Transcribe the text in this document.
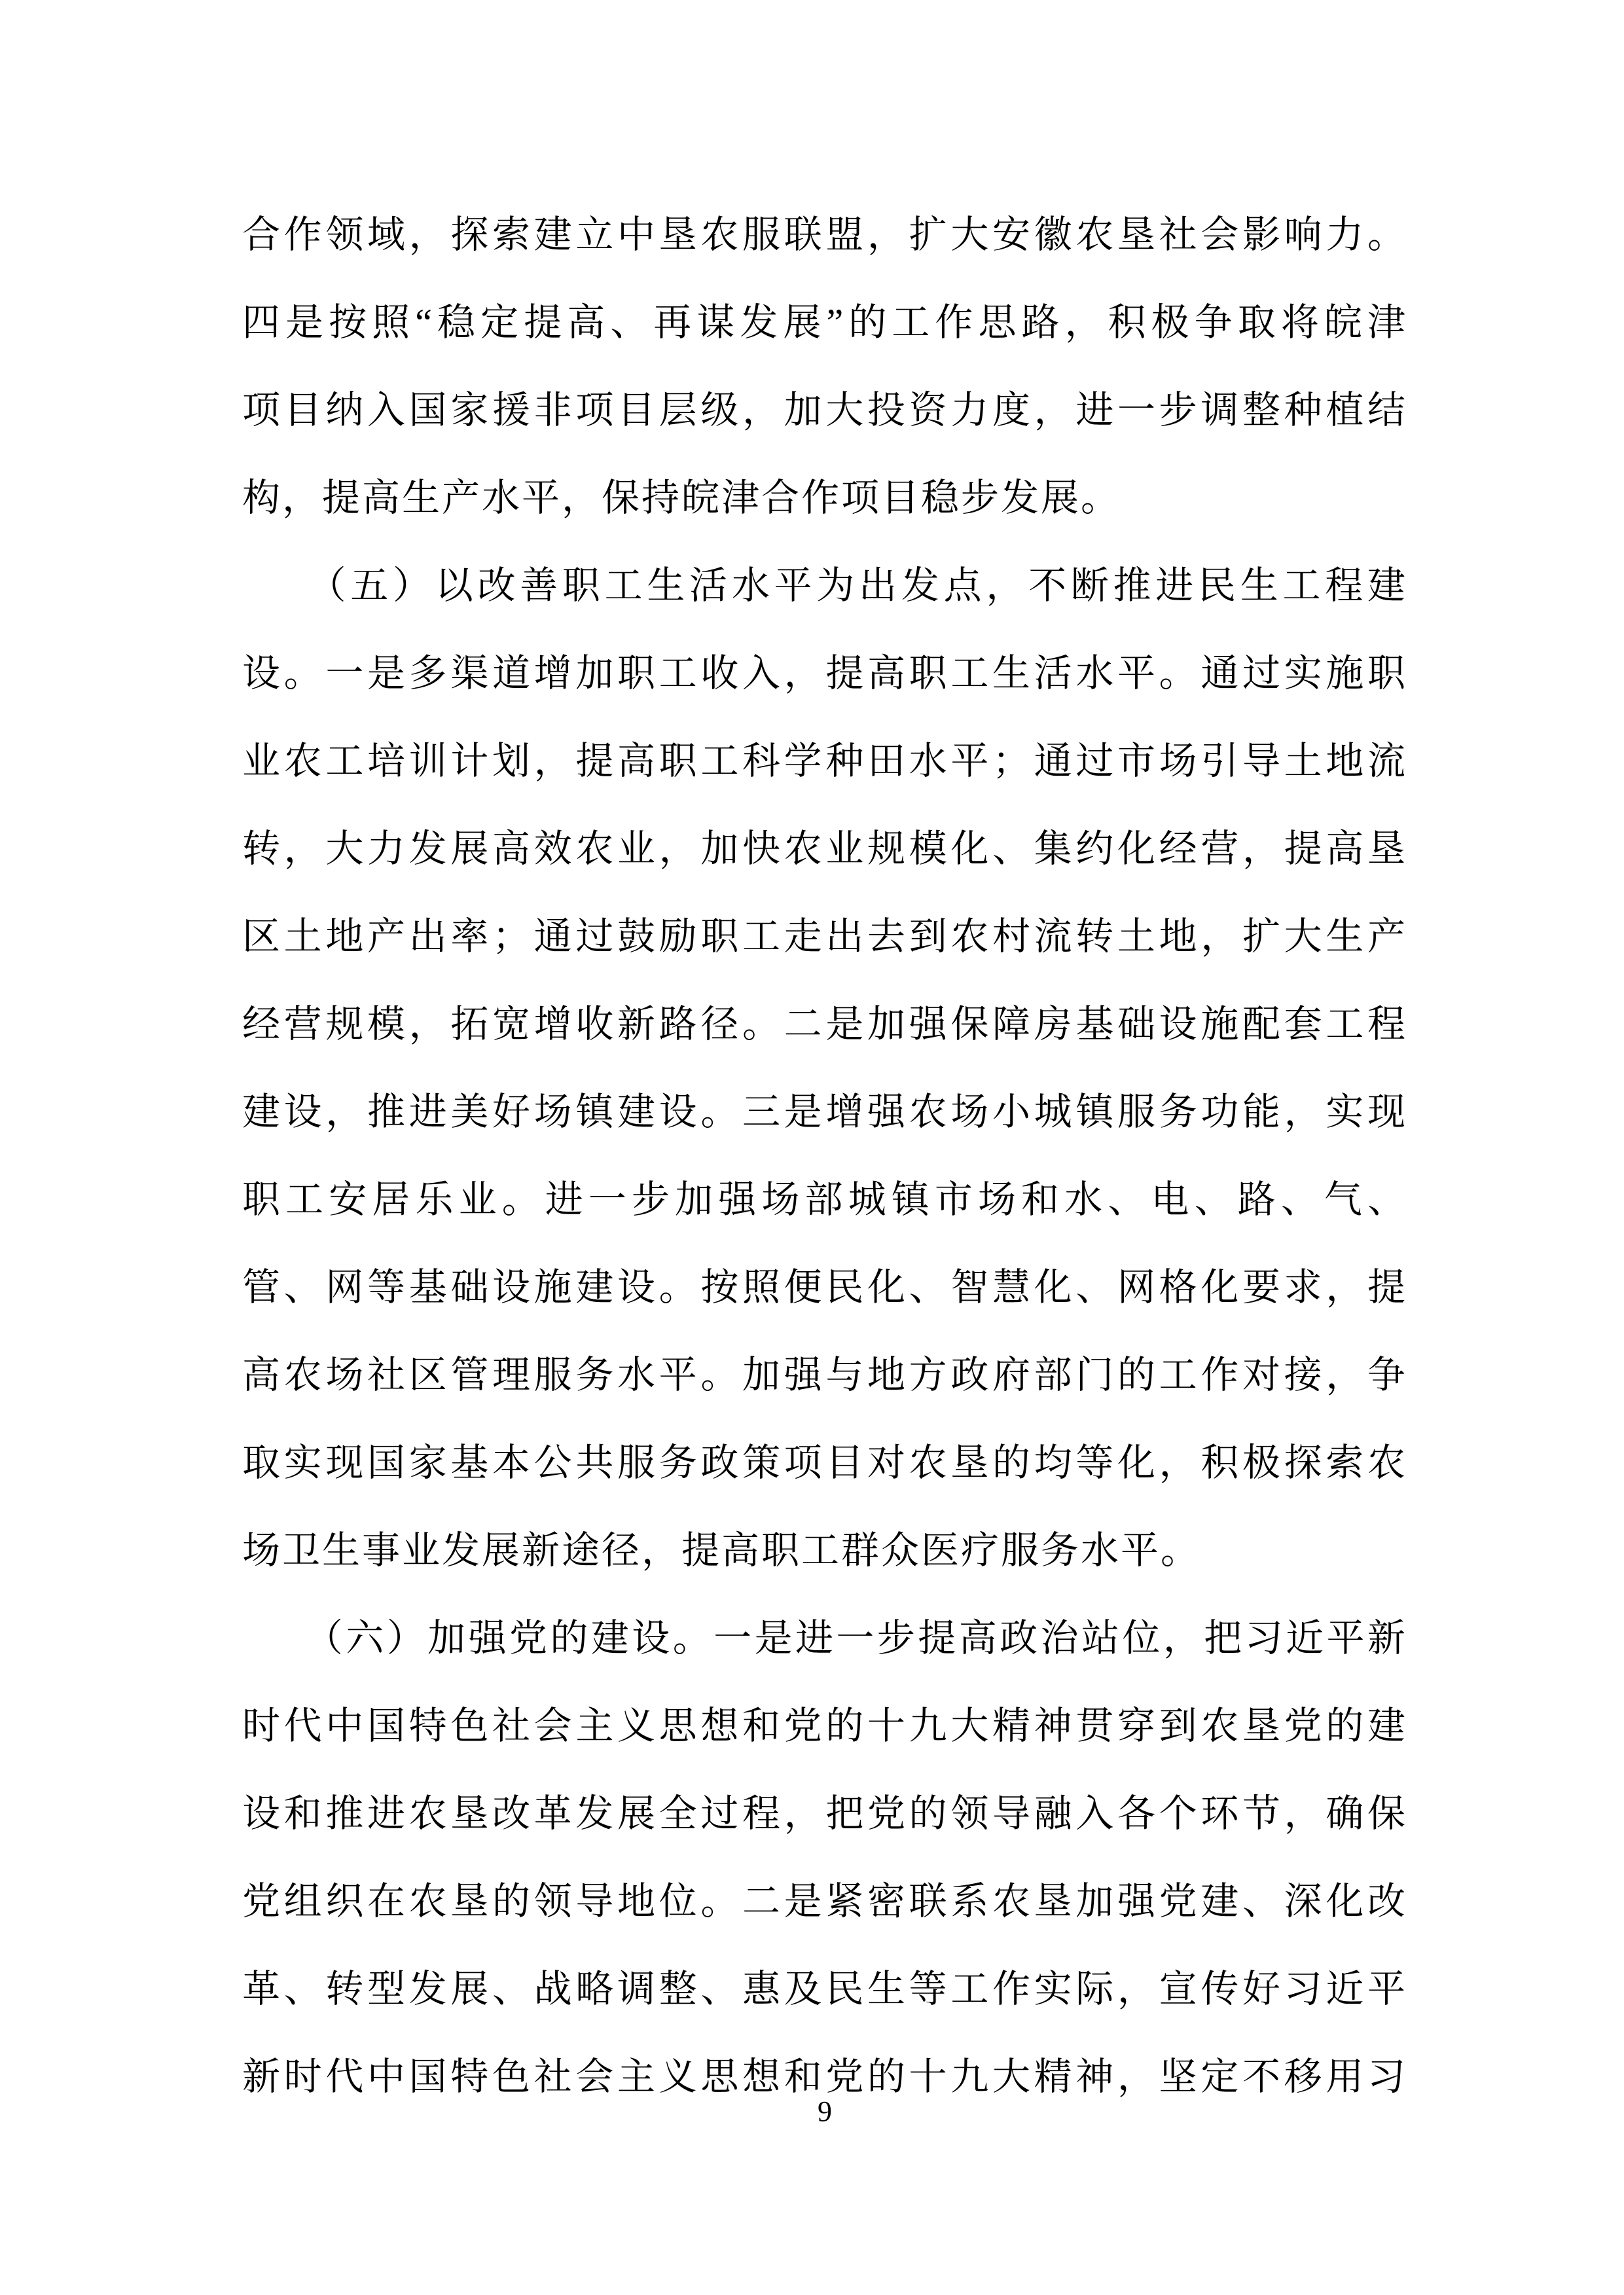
合作领域，探索建立中垦农服联盟，扩大安徽农垦社会影响力。
四是按照“稳定提高、再谋发展”的工作思路，积极争取将皖津
项目纳入国家援非项目层级，加大投资力度，进一步调整种植结
构，提高生产水平，保持皖津合作项目稳步发展。
　　（五）以改善职工生活水平为出发点，不断推进民生工程建
设。一是多渠道增加职工收入，提高职工生活水平。通过实施职
业农工培训计划，提高职工科学种田水平；通过市场引导土地流
转，大力发展高效农业，加快农业规模化、集约化经营，提高垦
区土地产出率；通过鼓励职工走出去到农村流转土地，扩大生产
经营规模，拓宽增收新路径。二是加强保障房基础设施配套工程
建设，推进美好场镇建设。三是增强农场小城镇服务功能，实现
职工安居乐业。进一步加强场部城镇市场和水、电、路、气、
管、网等基础设施建设。按照便民化、智慧化、网格化要求，提
高农场社区管理服务水平。加强与地方政府部门的工作对接，争
取实现国家基本公共服务政策项目对农垦的均等化，积极探索农
场卫生事业发展新途径，提高职工群众医疗服务水平。
　　（六）加强党的建设。一是进一步提高政治站位，把习近平新
时代中国特色社会主义思想和党的十九大精神贯穿到农垦党的建
设和推进农垦改革发展全过程，把党的领导融入各个环节，确保
党组织在农垦的领导地位。二是紧密联系农垦加强党建、深化改
革、转型发展、战略调整、惠及民生等工作实际，宣传好习近平
新时代中国特色社会主义思想和党的十九大精神，坚定不移用习
9
